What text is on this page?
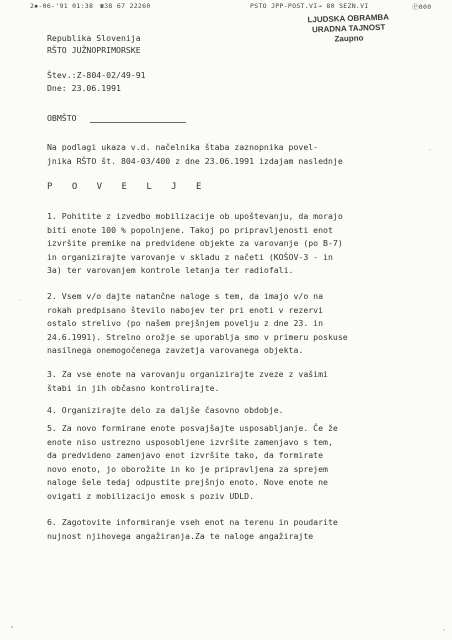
2▪-06-'91 01:38 ☎38 67 22260	PSTO JPP-POST.VI → 80 SEZN.VI	Ⓟ000
LJUDSKA OBRAMBA
URADNA TAJNOST
Zaupno
Republika Slovenija
RŠTO JUŽNOPRIMORSKE
Štev.:Z-804-02/49-91
Dne: 23.06.1991
OBMŠTO
Na podlagi ukaza v.d. načelnika štaba zaznopnika povel-
jnika RŠTO št. 804-03/400 z dne 23.06.1991 izdajam naslednje
P O V E L J E
1. Pohitite z izvedbo mobilizacije ob upoštevanju, da morajo
biti enote 100 % popolnjene. Takoj po pripravljenosti enot
izvršite premike na predvidene objekte za varovanje (po B-7)
in organizirajte varovanje v skladu z načeti (KOŠOV-3 - in
3a) ter varovanjem kontrole letanja ter radiofali.
2. Vsem v/o dajte natančne naloge s tem, da imajo v/o na
rokah predpisano število nabojev ter pri enoti v rezervi
ostalo strelivo (po našem prejšnjem povelju z dne 23. in
24.6.1991). Strelno orožje se uporablja smo v primeru poskuse
nasilnega onemogočenega zavzetja varovanega objekta.
3. Za vse enote na varovanju organizirajte zveze z vašimi
štabi in jih občasno kontrolirajte.
4. Organizirajte delo za daljše časovno obdobje.
5. Za novo formirane enote posvajšajte usposabljanje. Če že
enote niso ustrezno usposobljene izvršite zamenjavo s tem,
da predvideno zamenjavo enot izvršite tako, da formirate
novo enoto, jo oborožite in ko je pripravljena za sprejem
naloge šele tedaj odpustite prejšnjo enoto. Nove enote ne
ovigati z mobilizacijo emosk s poziv UDLD.
6. Zagotovite informiranje vseh enot na terenu in poudarite
nujnost njihovega angažiranja.Za te naloge angažirajte
